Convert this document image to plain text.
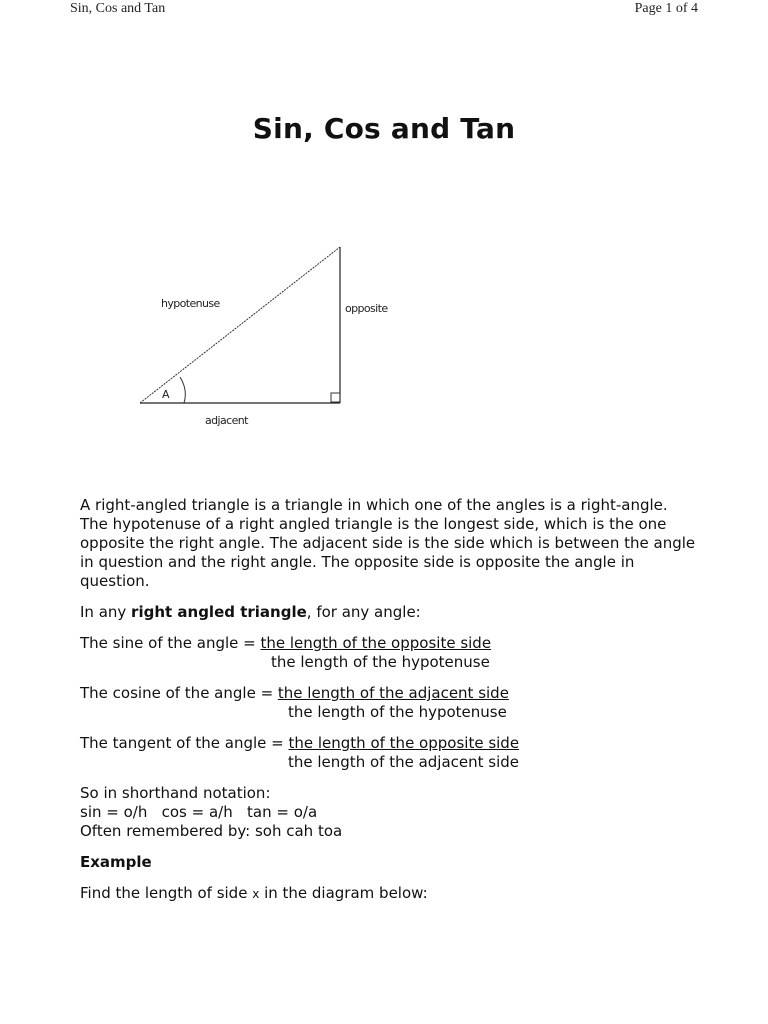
Sin, Cos and Tan	Page 1 of 4
Sin, Cos and Tan
hypotenuse	opposite
adjacent
A

A right-angled triangle is a triangle in which one of the angles is a right-angle. The hypotenuse of a right angled triangle is the longest side, which is the one opposite the right angle. The adjacent side is the side which is between the angle in question and the right angle. The opposite side is opposite the angle in question.

In any right angled triangle, for any angle:

The sine of the angle = the length of the opposite side

the length of the hypotenuse

The cosine of the angle = the length of the adjacent side

the length of the hypotenuse

The tangent of the angle = the length of the opposite side

the length of the adjacent side

So in shorthand notation:

sin = o/h   cos = a/h   tan = o/a

Often remembered by: soh cah toa

Example

Find the length of side x in the diagram below:
